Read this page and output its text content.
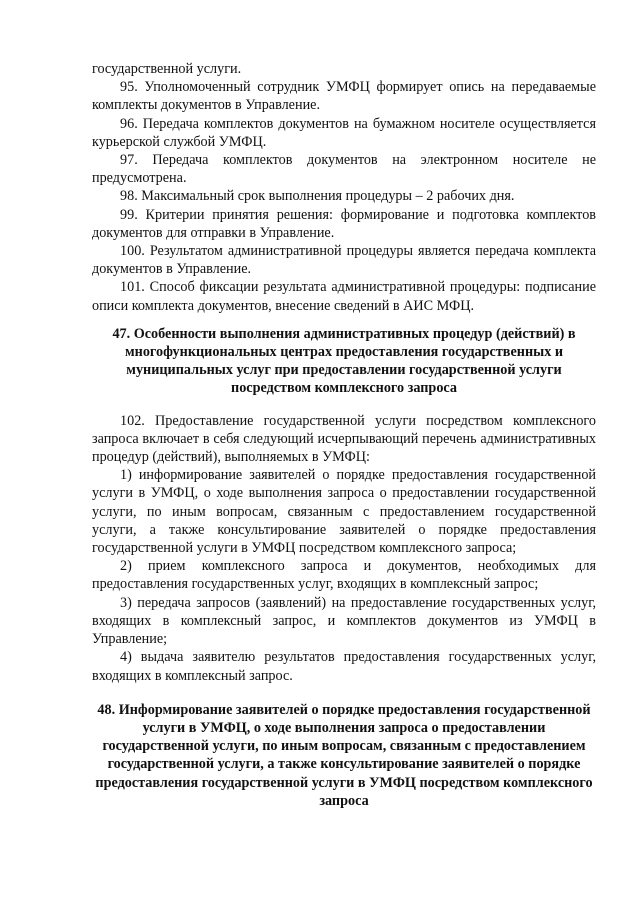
государственной услуги.

95. Уполномоченный сотрудник УМФЦ формирует опись на передаваемые комплекты документов в Управление.

96. Передача комплектов документов на бумажном носителе осуществляется курьерской службой УМФЦ.

97. Передача комплектов документов на электронном носителе не предусмотрена.

98. Максимальный срок выполнения процедуры – 2 рабочих дня.

99. Критерии принятия решения: формирование и подготовка комплектов документов для отправки в Управление.

100. Результатом административной процедуры является передача комплекта документов в Управление.

101. Способ фиксации результата административной процедуры: подписание описи комплекта документов, внесение сведений в АИС МФЦ.

47. Особенности выполнения административных процедур (действий) в многофункциональных центрах предоставления государственных и муниципальных услуг при предоставлении государственной услуги посредством комплексного запроса

102. Предоставление государственной услуги посредством комплексного запроса включает в себя следующий исчерпывающий перечень административных процедур (действий), выполняемых в УМФЦ:

1) информирование заявителей о порядке предоставления государственной услуги в УМФЦ, о ходе выполнения запроса о предоставлении государственной услуги, по иным вопросам, связанным с предоставлением государственной услуги, а также консультирование заявителей о порядке предоставления государственной услуги в УМФЦ посредством комплексного запроса;

2) прием комплексного запроса и документов, необходимых для предоставления государственных услуг, входящих в комплексный запрос;

3) передача запросов (заявлений) на предоставление государственных услуг, входящих в комплексный запрос, и комплектов документов из УМФЦ в Управление;

4) выдача заявителю результатов предоставления государственных услуг, входящих в комплексный запрос.

48. Информирование заявителей о порядке предоставления государственной услуги в УМФЦ, о ходе выполнения запроса о предоставлении государственной услуги, по иным вопросам, связанным с предоставлением государственной услуги, а также консультирование заявителей о порядке предоставления государственной услуги в УМФЦ посредством комплексного запроса
